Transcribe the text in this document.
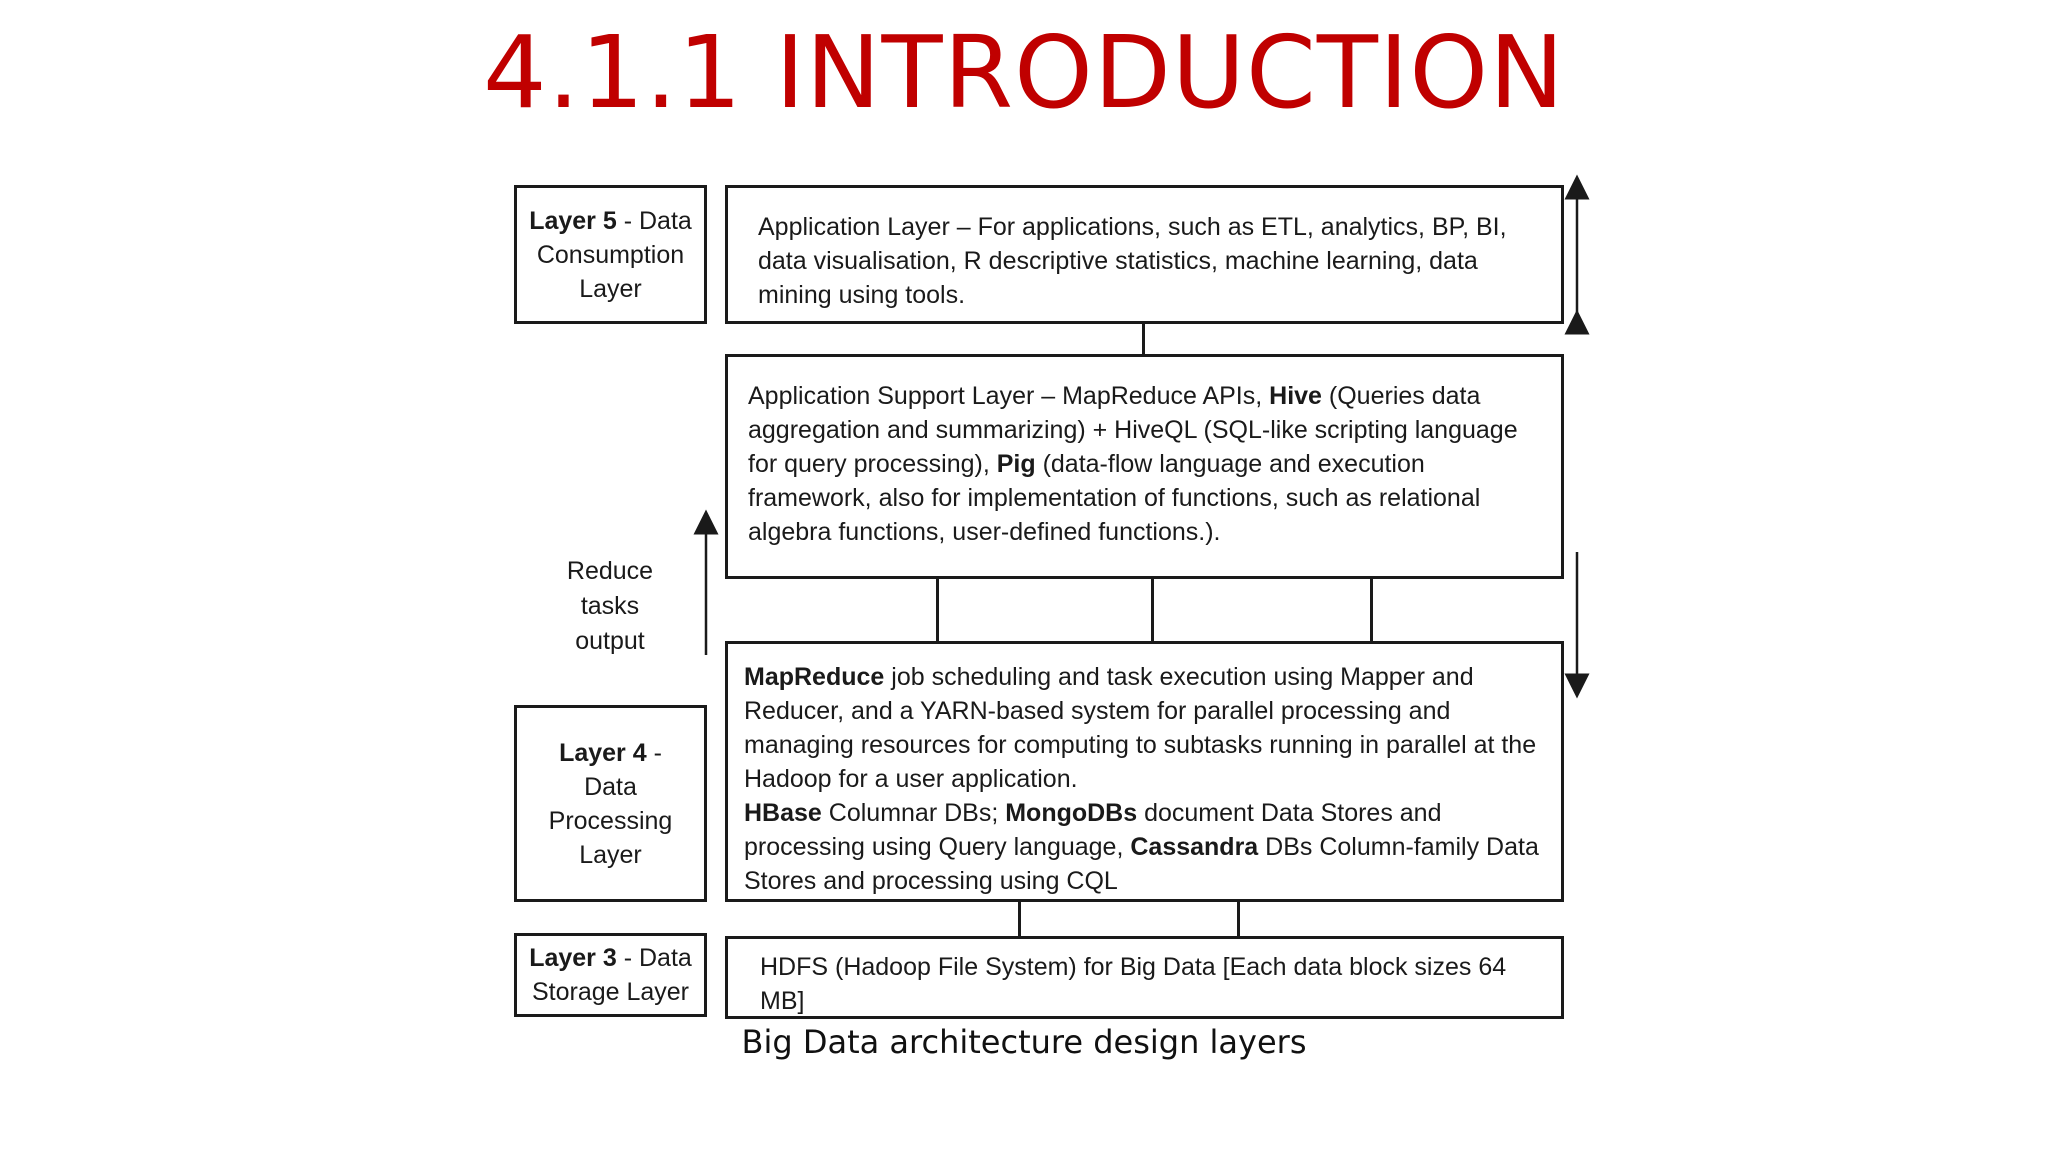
4.1.1 INTRODUCTION
Layer 5 - Data Consumption Layer
Layer 4 - Data Processing Layer
Layer 3 - Data Storage Layer
Reduce tasks output
Application Layer – For applications, such as ETL, analytics, BP, BI, data visualisation, R descriptive statistics, machine learning, data mining using tools.
Application Support Layer – MapReduce APIs, Hive (Queries data aggregation and summarizing) + HiveQL (SQL-like scripting language for query processing), Pig (data-flow language and execution framework, also for implementation of functions, such as relational algebra functions, user-defined functions.).
MapReduce job scheduling and task execution using Mapper and Reducer, and a YARN-based system for parallel processing and managing resources for computing to subtasks running in parallel at the Hadoop for a user application.
HBase Columnar DBs; MongoDBs document Data Stores and processing using Query language, Cassandra DBs Column-family Data Stores and processing using CQL
HDFS (Hadoop File System) for Big Data [Each data block sizes 64 MB]
Big Data architecture design layers
